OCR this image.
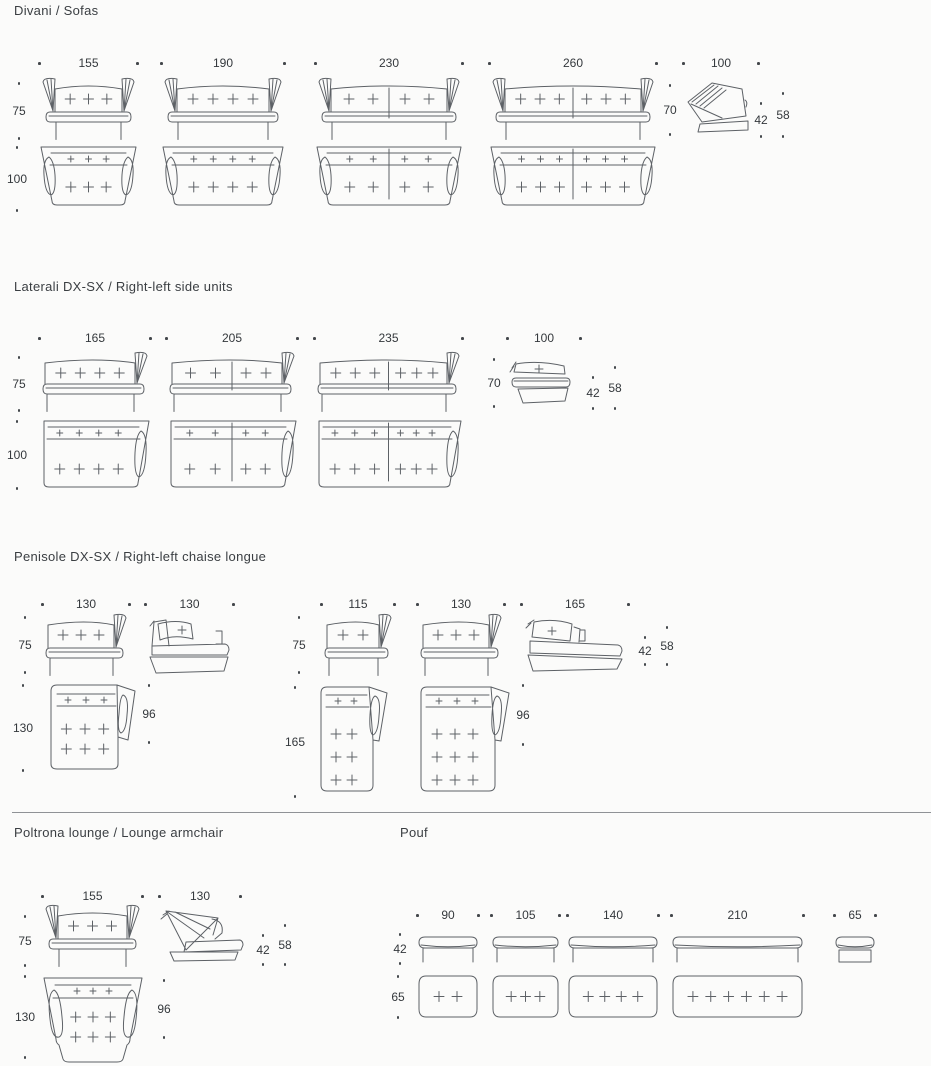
Divani / Sofas
Laterali DX-SX / Right-left side units
Penisole DX-SX / Right-left chaise longue
Poltrona lounge / Lounge armchair	Pouf
155	190	230	260	100
165	205	235	100
130	130	115	130	165
155	130
90	105	140	210	65
75
100
70
42 58
75
100
70
42 58
75
130
96
75
165
96
42 58
75
130
96
42 58	42
65
